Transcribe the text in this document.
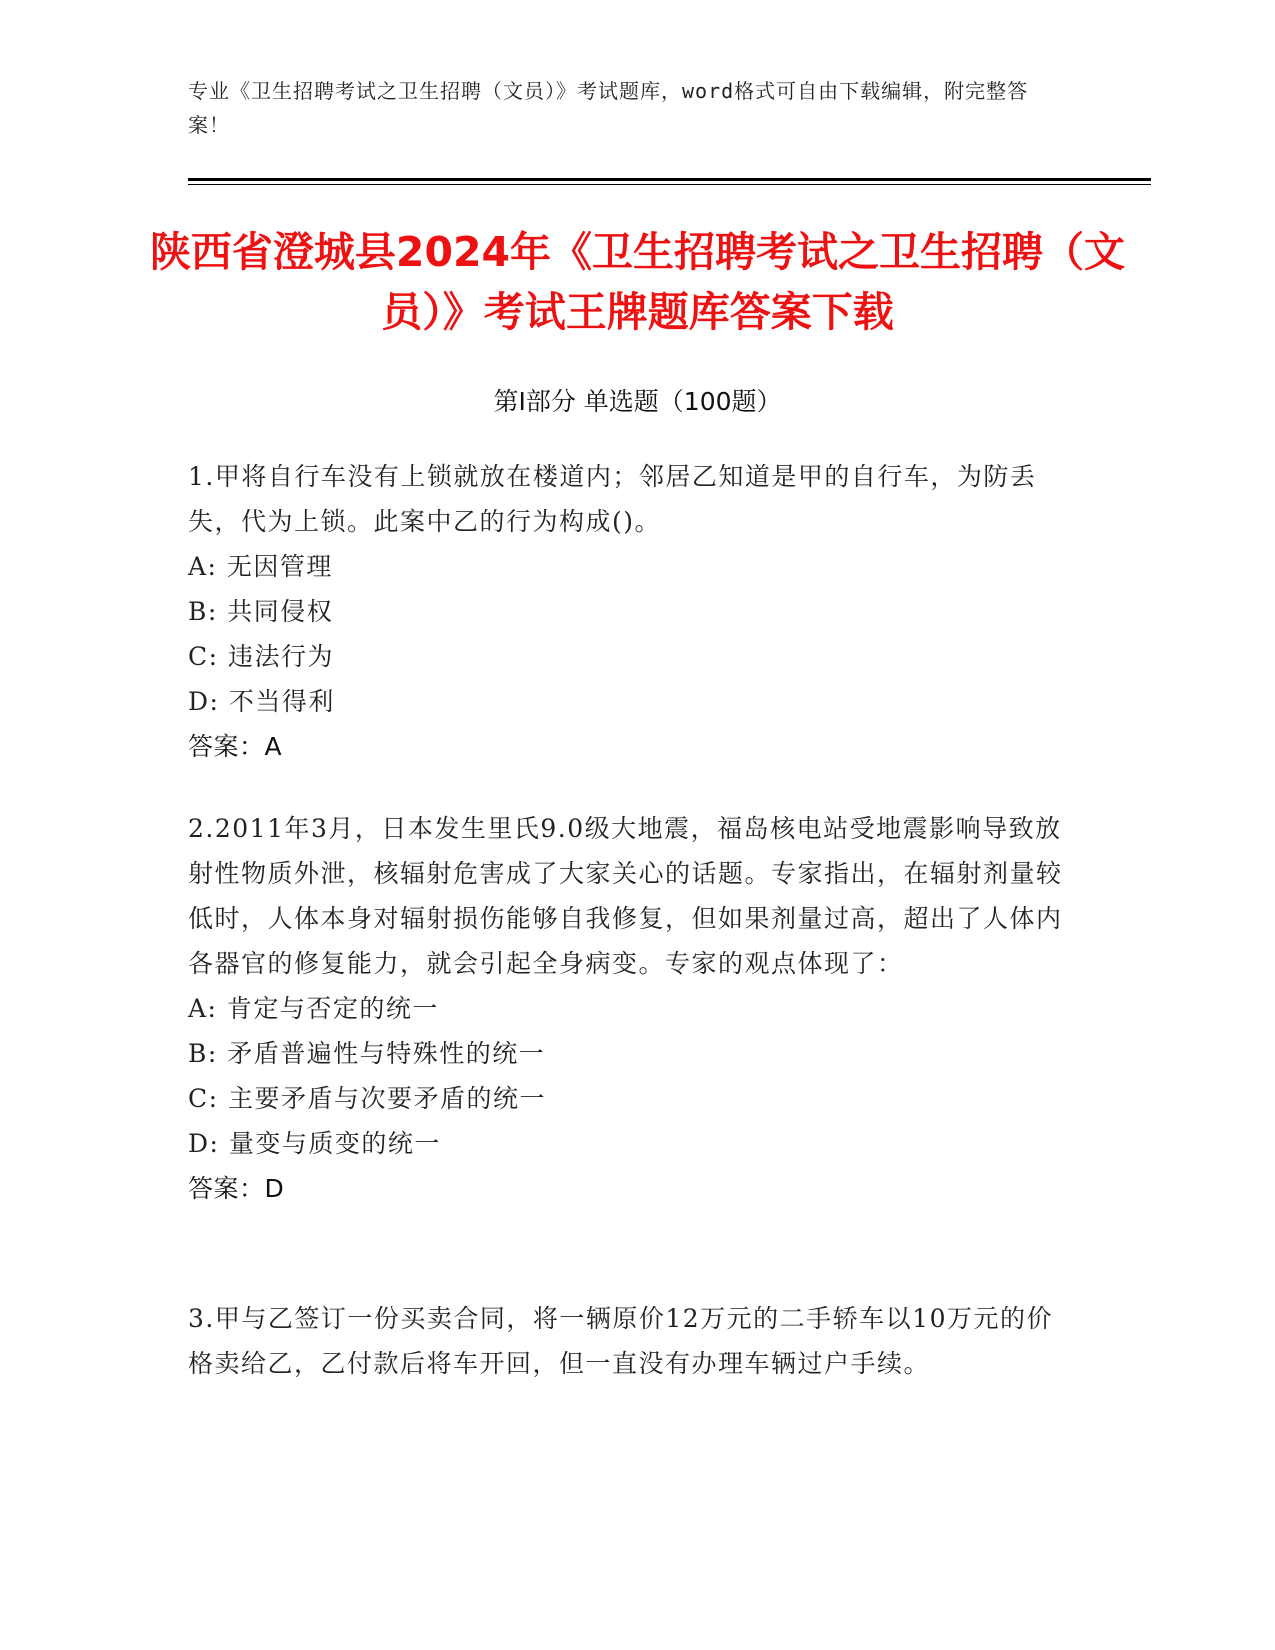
专业《卫生招聘考试之卫生招聘（文员）》考试题库，word格式可自由下载编辑，附完整答案！
陕西省澄城县2024年《卫生招聘考试之卫生招聘（文员）》考试王牌题库答案下载
第Ⅰ部分 单选题（100题）

1.甲将自行车没有上锁就放在楼道内；邻居乙知道是甲的自行车，为防丢失，代为上锁。此案中乙的行为构成()。

A: 无因管理

B: 共同侵权

C: 违法行为

D: 不当得利

答案：A

2.2011年3月，日本发生里氏9.0级大地震，福岛核电站受地震影响导致放射性物质外泄，核辐射危害成了大家关心的话题。专家指出，在辐射剂量较低时，人体本身对辐射损伤能够自我修复，但如果剂量过高，超出了人体内各器官的修复能力，就会引起全身病变。专家的观点体现了：

A: 肯定与否定的统一

B: 矛盾普遍性与特殊性的统一

C: 主要矛盾与次要矛盾的统一

D: 量变与质变的统一

答案：D

3.甲与乙签订一份买卖合同，将一辆原价12万元的二手轿车以10万元的价格卖给乙，乙付款后将车开回，但一直没有办理车辆过户手续。
